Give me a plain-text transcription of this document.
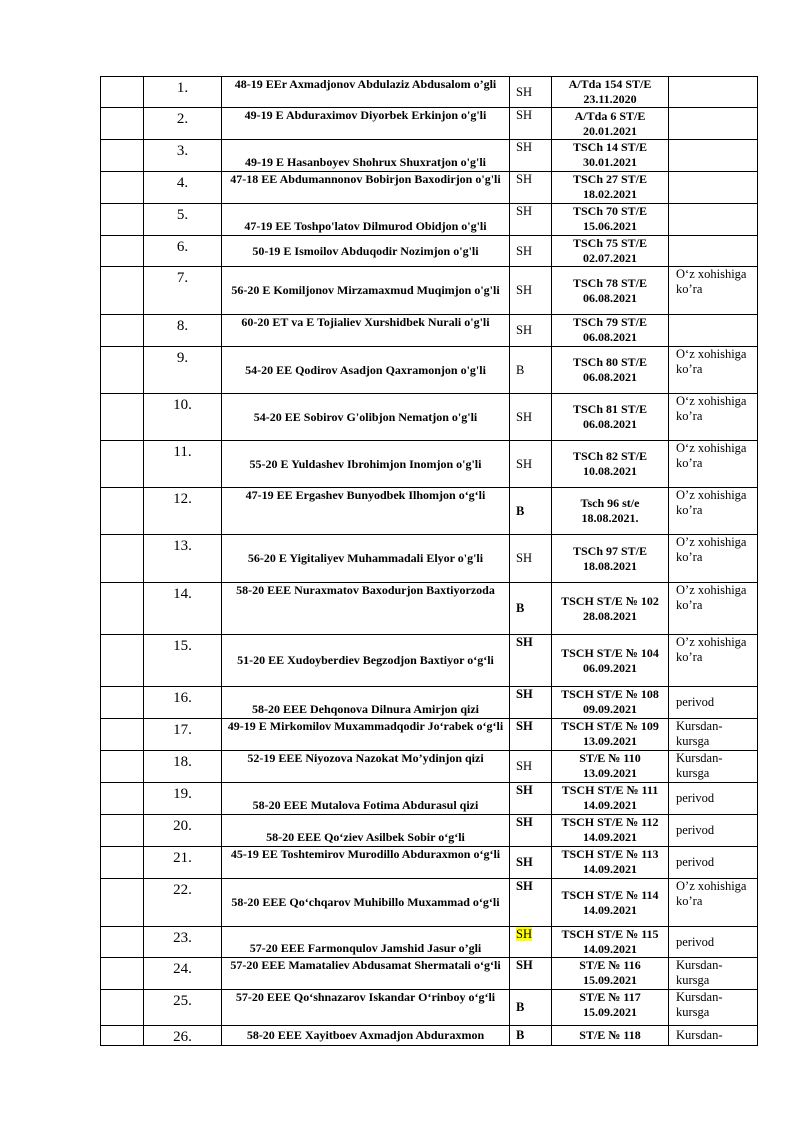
	1.	48-19 EEr Axmadjonov Abdulaziz Abdusalom o’gli	SH	A/Tda 154 ST/E 23.11.2020	
	2.	49-19 E Abduraximov Diyorbek Erkinjon o'g'li	SH	A/Tda 6 ST/E 20.01.2021	
	3.	49-19 E Hasanboyev Shohrux Shuxratjon o'g'li	SH	TSCh 14 ST/E 30.01.2021	
	4.	47-18 EE Abdumannonov Bobirjon Baxodirjon o'g'li	SH	TSCh 27 ST/E 18.02.2021	
	5.	47-19 EE Toshpo'latov Dilmurod Obidjon o'g'li	SH	TSCh 70 ST/E 15.06.2021	
	6.	50-19 E Ismoilov Abduqodir Nozimjon o'g'li	SH	TSCh 75 ST/E 02.07.2021	
	7.	56-20 E Komiljonov Mirzamaxmud Muqimjon o'g'li	SH	TSCh 78 ST/E 06.08.2021	O‘z xohishiga ko’ra
	8.	60-20 ET va E Tojialiev Xurshidbek Nurali o'g'li	SH	TSCh 79 ST/E 06.08.2021	
	9.	54-20 EE Qodirov Asadjon Qaxramonjon o'g'li	B	TSCh 80 ST/E 06.08.2021	O‘z xohishiga ko’ra
	10.	54-20 EE Sobirov G'olibjon Nematjon o'g'li	SH	TSCh 81 ST/E 06.08.2021	O‘z xohishiga ko’ra
	11.	55-20 E Yuldashev Ibrohimjon Inomjon o'g'li	SH	TSCh 82 ST/E 10.08.2021	O‘z xohishiga ko’ra
	12.	47-19 EE Ergashev Bunyodbek Ilhomjon o‘g‘li	B	Tsch 96 st/e 18.08.2021.	O’z xohishiga ko’ra
	13.	56-20 E Yigitaliyev Muhammadali Elyor o'g'li	SH	TSCh 97 ST/E 18.08.2021	O’z xohishiga ko’ra
	14.	58-20 EEE Nuraxmatov Baxodurjon Baxtiyorzoda	B	TSCH ST/E № 102 28.08.2021	O’z xohishiga ko’ra
	15.	51-20 EE Xudoyberdiev Begzodjon Baxtiyor o‘g‘li	SH	TSCH ST/E № 104 06.09.2021	O’z xohishiga ko’ra
	16.	58-20 EEE Dehqonova Dilnura Amirjon qizi	SH	TSCH ST/E № 108 09.09.2021	perivod
	17.	49-19 E Mirkomilov Muxammadqodir Jo‘rabek o‘g‘li	SH	TSCH ST/E № 109 13.09.2021	Kursdan-kursga
	18.	52-19 EEE Niyozova Nazokat Mo’ydinjon qizi	SH	ST/E № 110 13.09.2021	Kursdan-kursga
	19.	58-20 EEE Mutalova Fotima Abdurasul qizi	SH	TSCH ST/E № 111 14.09.2021	perivod
	20.	58-20 EEE Qo‘ziev Asilbek Sobir o‘g‘li	SH	TSCH ST/E № 112 14.09.2021	perivod
	21.	45-19 EE Toshtemirov Murodillo Abduraxmon o‘g‘li	SH	TSCH ST/E № 113 14.09.2021	perivod
	22.	58-20 EEE Qo‘chqarov Muhibillo Muxammad o‘g‘li	SH	TSCH ST/E № 114 14.09.2021	O’z xohishiga ko’ra
	23.	57-20 EEE Farmonqulov Jamshid Jasur o’gli	SH	TSCH ST/E № 115 14.09.2021	perivod
	24.	57-20 EEE Mamataliev Abdusamat Shermatali o‘g‘li	SH	ST/E № 116 15.09.2021	Kursdan-kursga
	25.	57-20 EEE Qo‘shnazarov Iskandar O‘rinboy o‘g‘li	B	ST/E № 117 15.09.2021	Kursdan-kursga
	26.	58-20 EEE Xayitboev Axmadjon Abduraxmon	B	ST/E № 118	Kursdan-
